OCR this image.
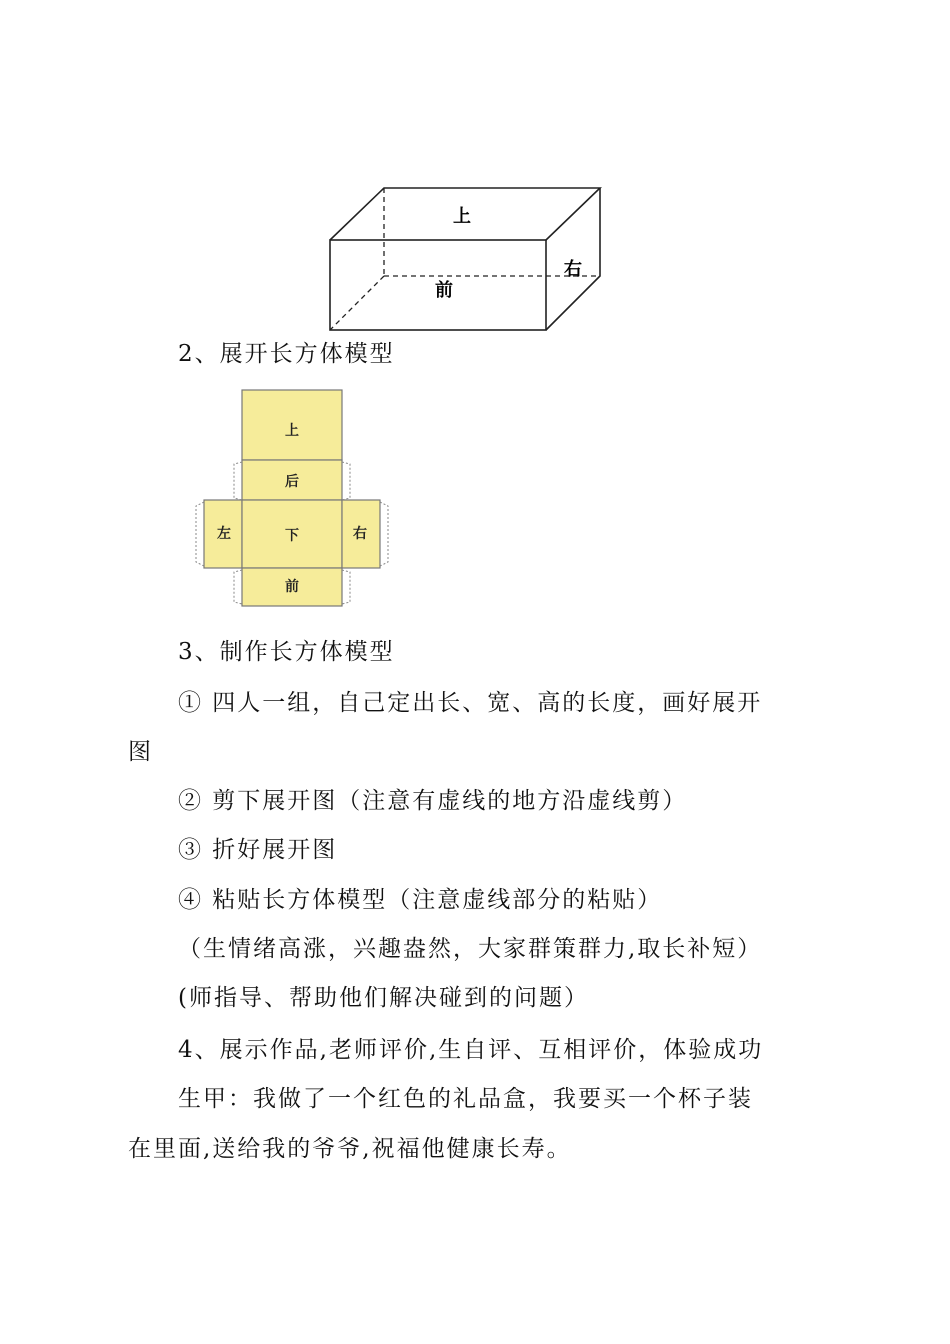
上
右
前
2、展开长方体模型
上
后
左	下	右
前
3、制作长方体模型
① 四人一组，自己定出长、宽、高的长度，画好展开
图
② 剪下展开图（注意有虚线的地方沿虚线剪）
③ 折好展开图
④ 粘贴长方体模型（注意虚线部分的粘贴）
（生情绪高涨，兴趣盎然，大家群策群力,取长补短）
(师指导、帮助他们解决碰到的问题）
4、展示作品,老师评价,生自评、互相评价，体验成功
生甲：我做了一个红色的礼品盒，我要买一个杯子装
在里面,送给我的爷爷,祝福他健康长寿。
